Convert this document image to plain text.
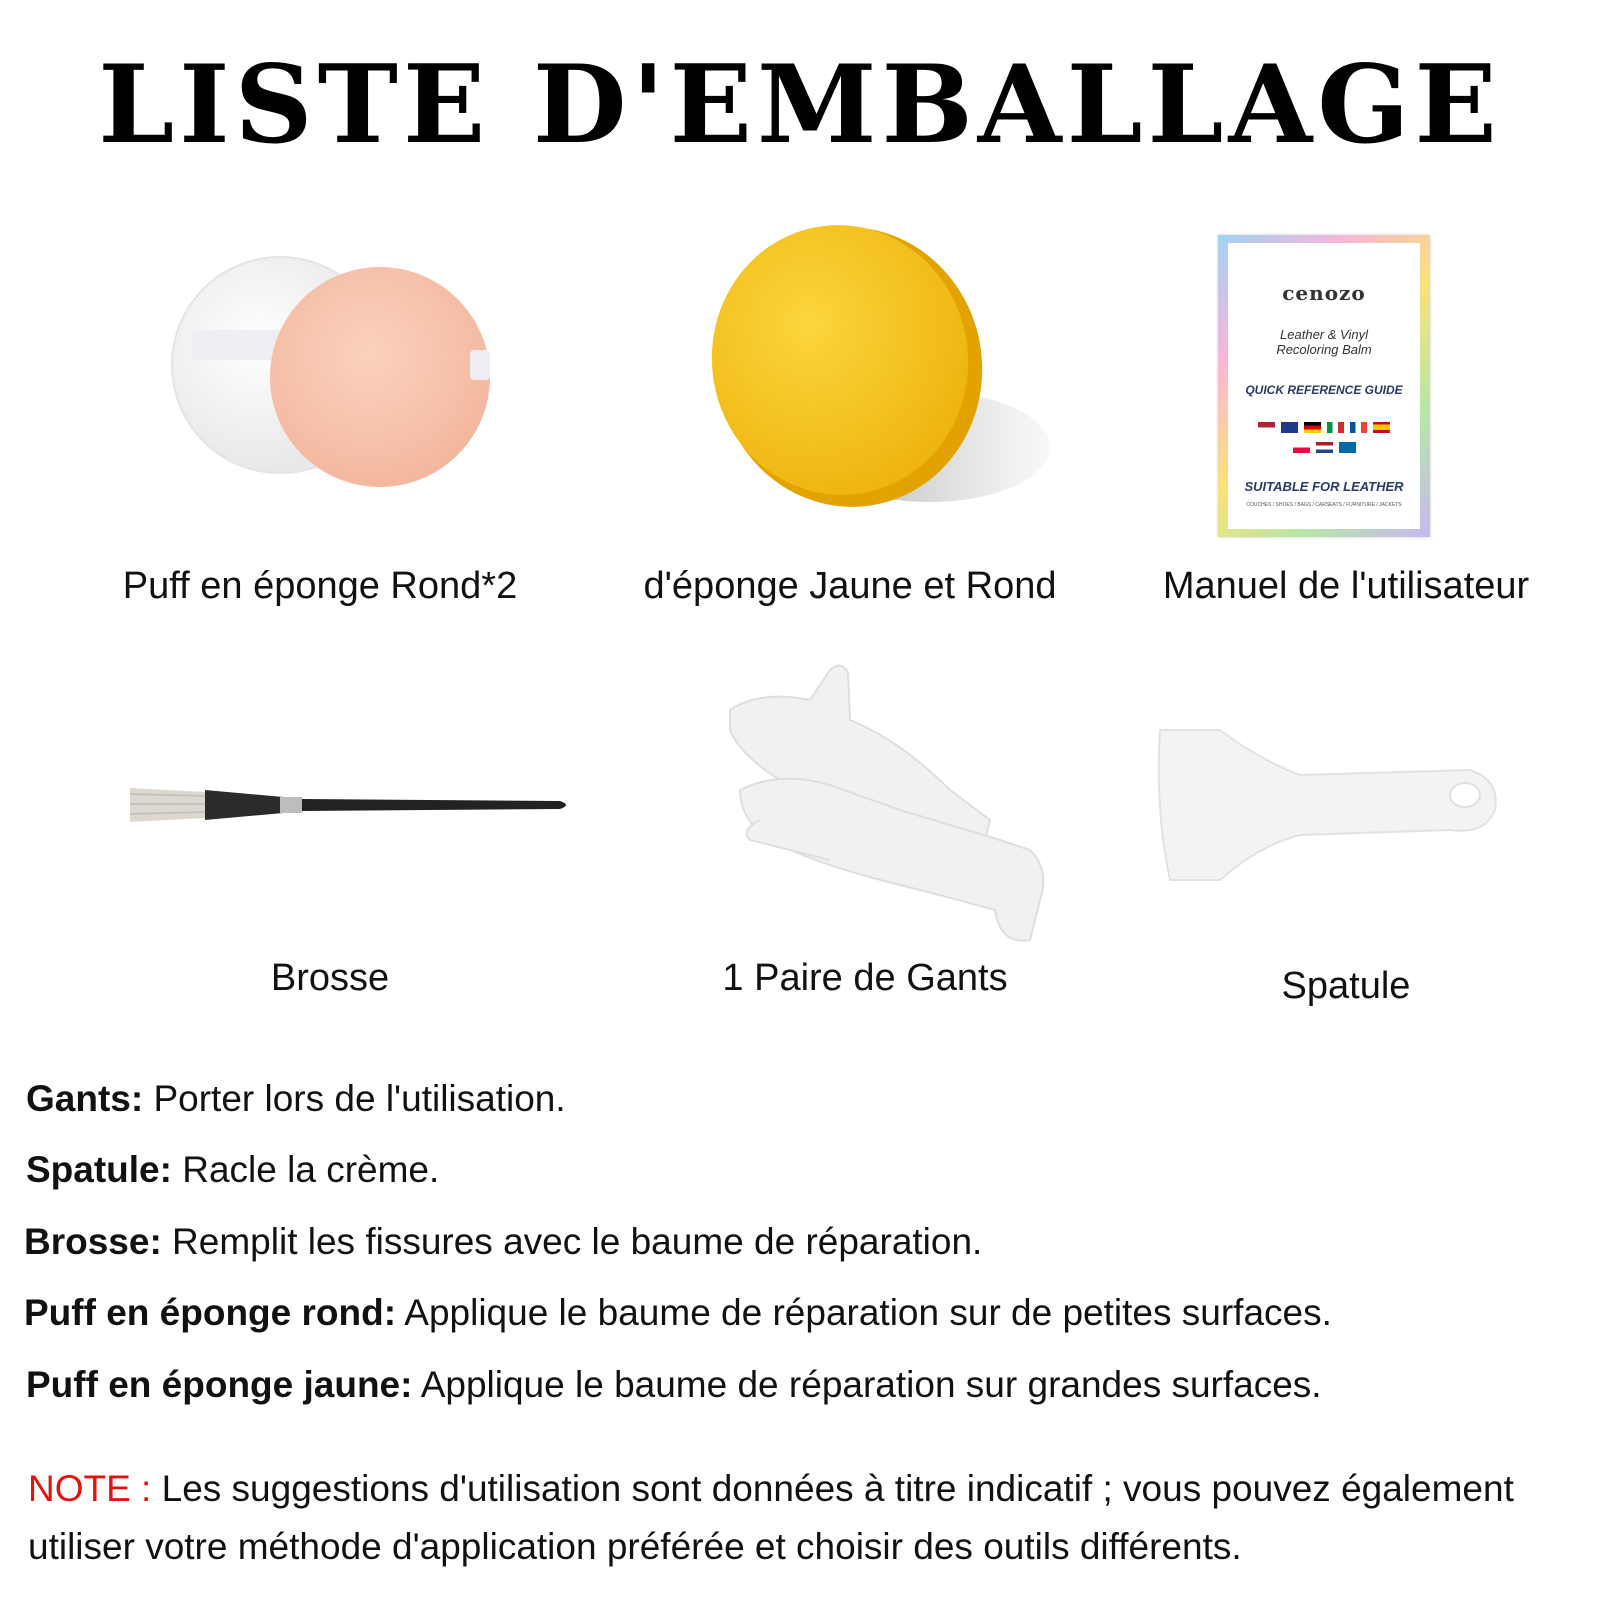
LISTE D'EMBALLAGE
Puff en éponge Rond*2	d'éponge Jaune et Rond
cenozo
Leather & Vinyl
Recoloring Balm
QUICK REFERENCE GUIDE

SUITABLE FOR LEATHER
COUCHES / SHOES / BAGS / CARSEATS / FURNITURE / JACKETS
Manuel de l'utilisateur
Brosse	1 Paire de Gants	Spatule
Gants: Porter lors de l'utilisation.
Spatule: Racle la crème.
Brosse: Remplit les fissures avec le baume de réparation.
Puff en éponge rond: Applique le baume de réparation sur de petites surfaces.
Puff en éponge jaune: Applique le baume de réparation sur grandes surfaces.
NOTE : Les suggestions d'utilisation sont données à titre indicatif ; vous pouvez également utiliser votre méthode d'application préférée et choisir des outils différents.
